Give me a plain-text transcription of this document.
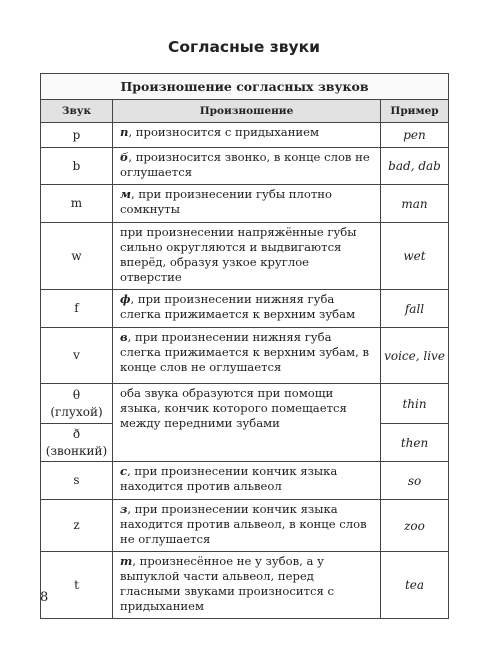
Согласные звуки
Произношение согласных звуков		
Звук	Произношение	Пример
p	п, произносится с придыханием	pen
b	б, произносится звонко, в конце слов не оглушается	bad, dab
m	м, при произнесении губы плотно сомкнуты	man
w	при произнесении напряжённые губы сильно округляются и выдвигаются вперёд, образуя узкое круглое отверстие	wet
f	ф, при произнесении нижняя губа слегка прижимается к верхним зубам	fall
v	в, при произнесении нижняя губа слегка прижимается к верхним зубам, в конце слов не оглушается	voice, live

θ
(глухой)	оба звука образуются при помощи языка, кончик которого помещается между передними зубами	thin

ð
(звонкий)		then
s	с, при произнесении кончик языка находится против альвеол	so
z	з, при произнесении кончик языка находится против альвеол, в конце слов не оглушается	zoo
t	т, произнесённое не у зубов, а у выпуклой части альвеол, перед гласными звуками произносится с придыханием	tea
8
